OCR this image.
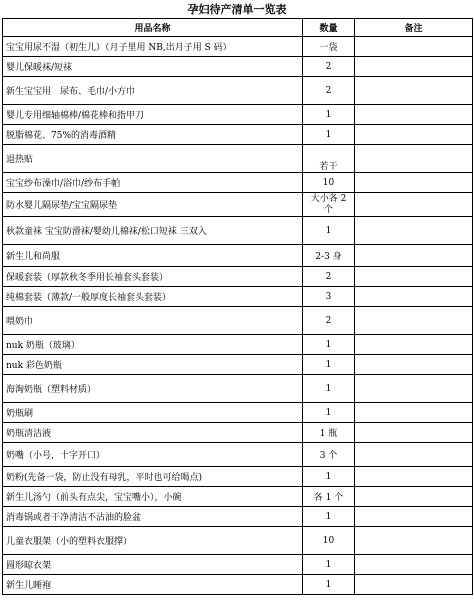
孕妇待产清单一览表
用品名称	数量	备注
宝宝用尿不湿（初生儿）（月子里用 NB,出月子用 S 码）	一袋	
婴儿保暖袜/短袜	2	
新生宝宝用　尿布、毛巾/小方巾	2	
婴儿专用细轴棉棒/棉花棒和指甲刀	1	
脱脂棉花、75%的消毒酒精	1	
退热贴	若干	
宝宝纱布澡巾/浴巾/纱布手帕	10	
防水婴儿隔尿垫/宝宝隔尿垫	大小各 2 个	
秋款童袜 宝宝防滑袜/婴幼儿棉袜/松口短袜 三双入	1	
新生儿和尚服	2-3 身	
保暖套装（厚款秋冬季用长袖套头套装）	2	
纯棉套装（薄款/一般厚度长袖套头套装）	3	
喂奶巾	2	
nuk 奶瓶（玻璃）	1	
nuk 彩色奶瓶	1	
海淘奶瓶（塑料材质）	1	
奶瓶刷	1	
奶瓶清洁液	1 瓶	
奶嘴（小号，十字开口）	3 个	
奶粉(先备一袋，防止没有母乳，平时也可给喝点)	1	
新生儿汤勺（前头有点尖，宝宝嘴小），小碗	各 1 个	
消毒锅或者干净清洁不沾油的脸盆	1	
儿童衣服架（小的塑料衣服撑）	10	
圆形晾衣架	1	
新生儿睡袍	1	
